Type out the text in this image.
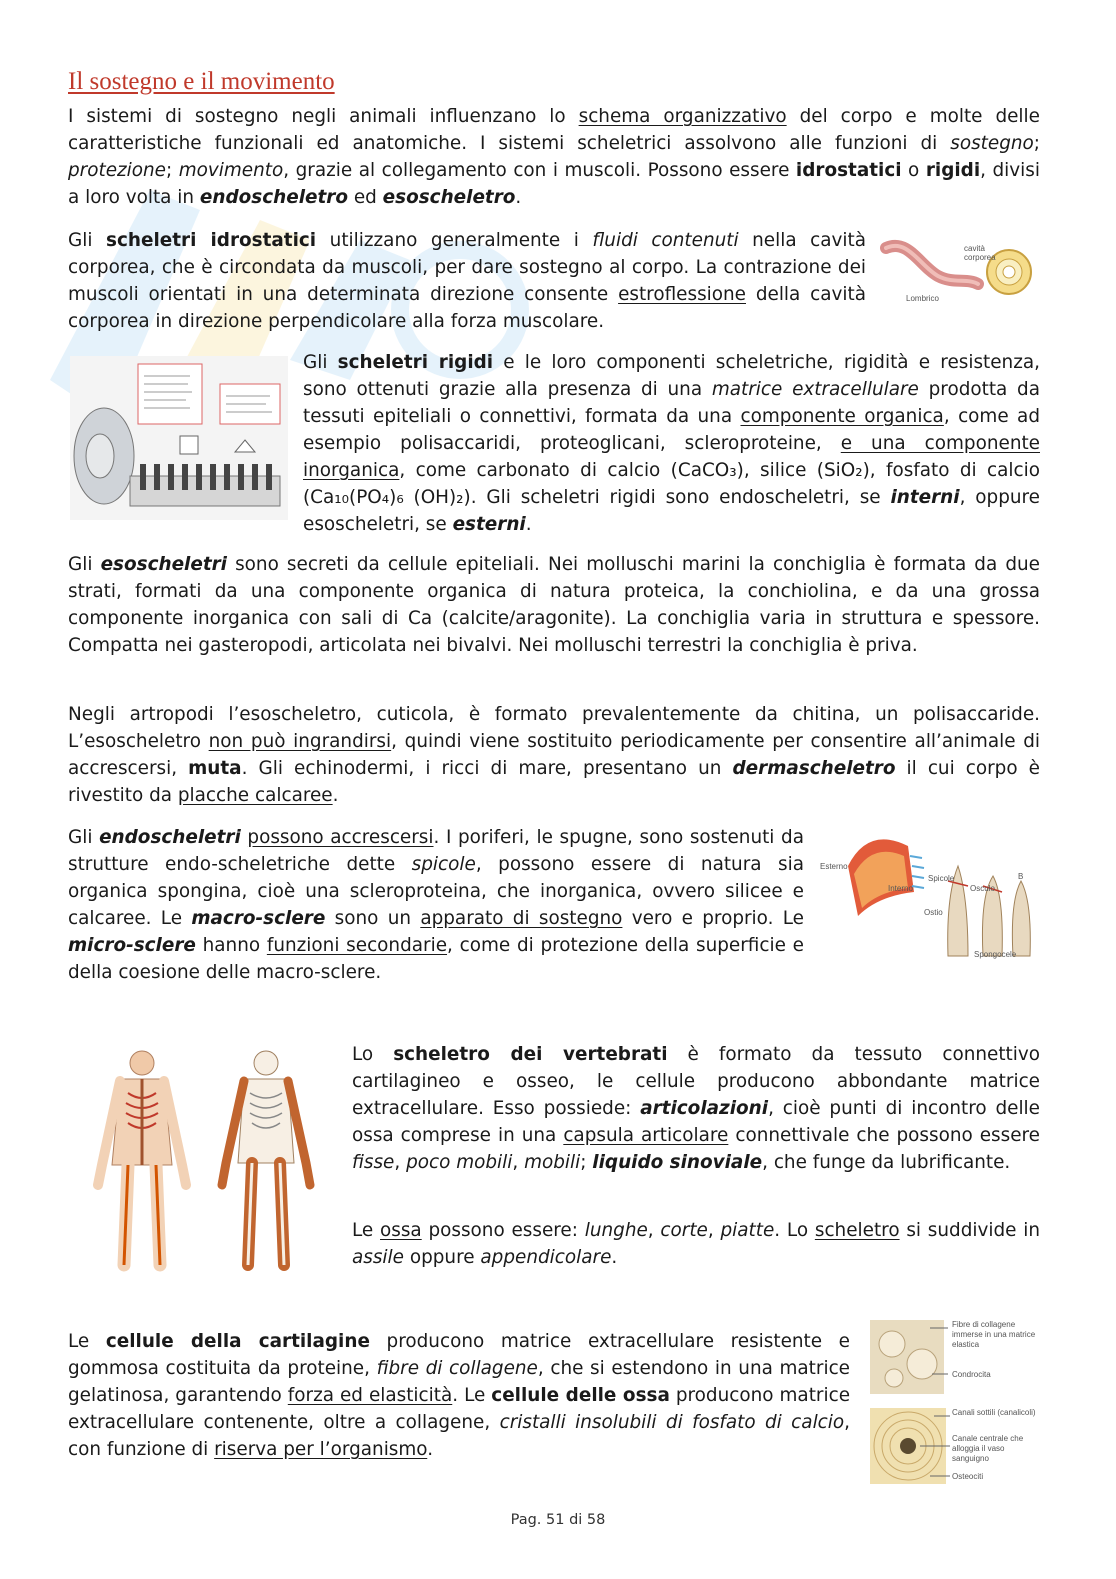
Il sostegno e il movimento

I sistemi di sostegno negli animali influenzano lo schema organizzativo del corpo e molte delle caratteristiche funzionali ed anatomiche. I sistemi scheletrici assolvono alle funzioni di sostegno; protezione; movimento, grazie al collegamento con i muscoli. Possono essere idrostatici o rigidi, divisi a loro volta in endoscheletro ed esoscheletro.

Gli scheletri idrostatici utilizzano generalmente i fluidi contenuti nella cavità corporea, che è circondata da muscoli, per dare sostegno al corpo. La contrazione dei muscoli orientati in una determinata direzione consente estroflessione della cavità corporea in direzione perpendicolare alla forza muscolare.

Gli scheletri rigidi e le loro componenti scheletriche, rigidità e resistenza, sono ottenuti grazie alla presenza di una matrice extracellulare prodotta da tessuti epiteliali o connettivi, formata da una componente organica, come ad esempio polisaccaridi, proteoglicani, scleroproteine, e una componente inorganica, come carbonato di calcio (CaCO₃), silice (SiO₂), fosfato di calcio (Ca₁₀(PO₄)₆ (OH)₂). Gli scheletri rigidi sono endoscheletri, se interni, oppure esoscheletri, se esterni.

Gli esoscheletri sono secreti da cellule epiteliali. Nei molluschi marini la conchiglia è formata da due strati, formati da una componente organica di natura proteica, la conchiolina, e da una grossa componente inorganica con sali di Ca (calcite/aragonite). La conchiglia varia in struttura e spessore. Compatta nei gasteropodi, articolata nei bivalvi. Nei molluschi terrestri la conchiglia è priva.

Negli artropodi l’esoscheletro, cuticola, è formato prevalentemente da chitina, un polisaccaride. L’esoscheletro non può ingrandirsi, quindi viene sostituito periodicamente per consentire all’animale di accrescersi, muta. Gli echinodermi, i ricci di mare, presentano un dermascheletro il cui corpo è rivestito da placche calcaree.

Gli endoscheletri possono accrescersi. I poriferi, le spugne, sono sostenuti da strutture endo-scheletriche dette spicole, possono essere di natura sia organica spongina, cioè una scleroproteina, che inorganica, ovvero silicee e calcaree. Le macro-sclere sono un apparato di sostegno vero e proprio. Le micro-sclere hanno funzioni secondarie, come di protezione della superficie e della coesione delle macro-sclere.

Lo scheletro dei vertebrati è formato da tessuto connettivo cartilagineo e osseo, le cellule producono abbondante matrice extracellulare. Esso possiede: articolazioni, cioè punti di incontro delle ossa comprese in una capsula articolare connettivale che possono essere fisse, poco mobili, mobili; liquido sinoviale, che funge da lubrificante.

Le ossa possono essere: lunghe, corte, piatte. Lo scheletro si suddivide in assile oppure appendicolare.

Le cellule della cartilagine producono matrice extracellulare resistente e gommosa costituita da proteine, fibre di collagene, che si estendono in una matrice gelatinosa, garantendo forza ed elasticità. Le cellule delle ossa producono matrice extracellulare contenente, oltre a collagene, cristalli insolubili di fosfato di calcio, con funzione di riserva per l’organismo.

cavità corporea
Lombrico
Esterno
Interno
Spicole
Osculo
Ostio
Spongocele
B
Fibre di collagene immerse in una matrice elastica
Condrocita
Canali sottili (canalicoli)
Canale centrale che alloggia il vaso sanguigno
Osteociti
Pag. 51 di 58
